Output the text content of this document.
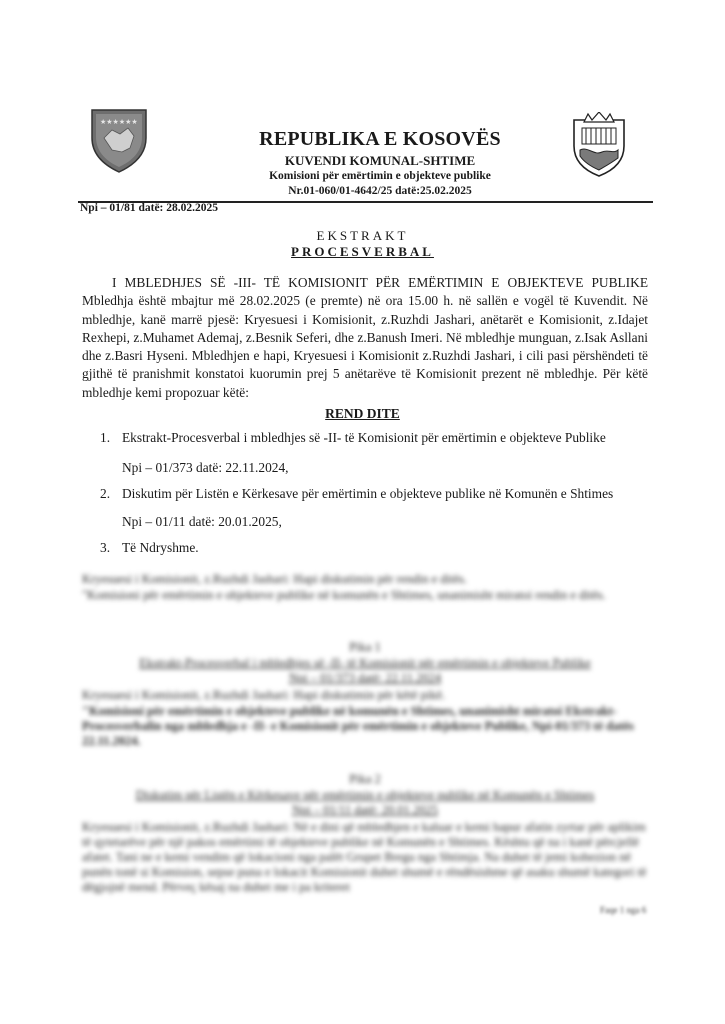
★★★★★★
REPUBLIKA E KOSOVËS
KUVENDI KOMUNAL-SHTIME
Komisioni për emërtimin e objekteve publike
Nr.01-060/01-4642/25 datë:25.02.2025
Npi – 01/81 datë: 28.02.2025
EKSTRAKT
PROCESVERBAL
I MBLEDHJES SË -III- TË KOMISIONIT PËR EMËRTIMIN E OBJEKTEVE PUBLIKE Mbledhja është mbajtur më 28.02.2025 (e premte) në ora 15.00 h. në sallën e vogël të Kuvendit. Në mbledhje, kanë marrë pjesë: Kryesuesi i Komisionit, z.Ruzhdi Jashari, anëtarët e Komisionit, z.Idajet Rexhepi, z.Muhamet Ademaj, z.Besnik Seferi, dhe z.Banush Imeri. Në mbledhje munguan, z.Isak Asllani dhe z.Basri Hyseni. Mbledhjen e hapi, Kryesuesi i Komisionit z.Ruzhdi Jashari, i cili pasi përshëndeti të gjithë të pranishmit konstatoi kuorumin prej 5 anëtarëve të Komisionit prezent në mbledhje. Për këtë mbledhje kemi propozuar këtë:
REND DITE
1. Ekstrakt-Procesverbal i mbledhjes së -II- të Komisionit për emërtimin e objekteve Publike
Npi – 01/373 datë: 22.11.2024,
2. Diskutim për Listën e Kërkesave për emërtimin e objekteve publike në Komunën e Shtimes
Npi – 01/11 datë: 20.01.2025,
3. Të Ndryshme.
Kryesuesi i Komisionit, z.Ruzhdi Jashari: Hapi diskutimin për rendin e ditës.
"Komisioni për emërtimin e objekteve publike në komunën e Shtimes, unanimisht miratoi rendin e ditës.
Pika 1
Ekstrakt-Procesverbal i mbledhjes së -II- të Komisionit për emërtimin e objekteve Publike
Npi – 01/373 datë: 22.11.2024
Kryesuesi i Komisionit, z.Ruzhdi Jashari: Hapi diskutimin për këtë pikë.
"Komisioni për emërtimin e objekteve publike në komunën e Shtimes, unanimisht miratoi Ekstrakt-Procesverbalin nga mbledhja e -II- e Komisionit për emërtimin e objekteve Publike, Npi-01/373 të datës 22.11.2024.
Pika 2
Diskutim për Listën e Kërkesave për emërtimin e objekteve publike në Komunën e Shtimes
Npi – 01/11 datë: 20.01.2025
Kryesuesi i Komisionit, z.Ruzhdi Jashari: Në e dini që mbledhjen e kaluar e kemi hapur afatin zyrtar për aplikim të qytetarëve për një pakos emërtimi të objekteve publike në Komunën e Shtimes. Kështu që na i kanë përcjellë afatet. Tani ne e kemi vendim që lokacioni nga palët Grupet Bregu nga Shtimja. Na duhet të jemi kohezion në punën tonë si Komision, sepse puna e lokacit Komisionit duhet shumë e rëndësishme që asaku shumë kategori të dëgjojnë mend. Përveç kësaj na duhet me i pa kriteret
Faqe 1 nga 6
